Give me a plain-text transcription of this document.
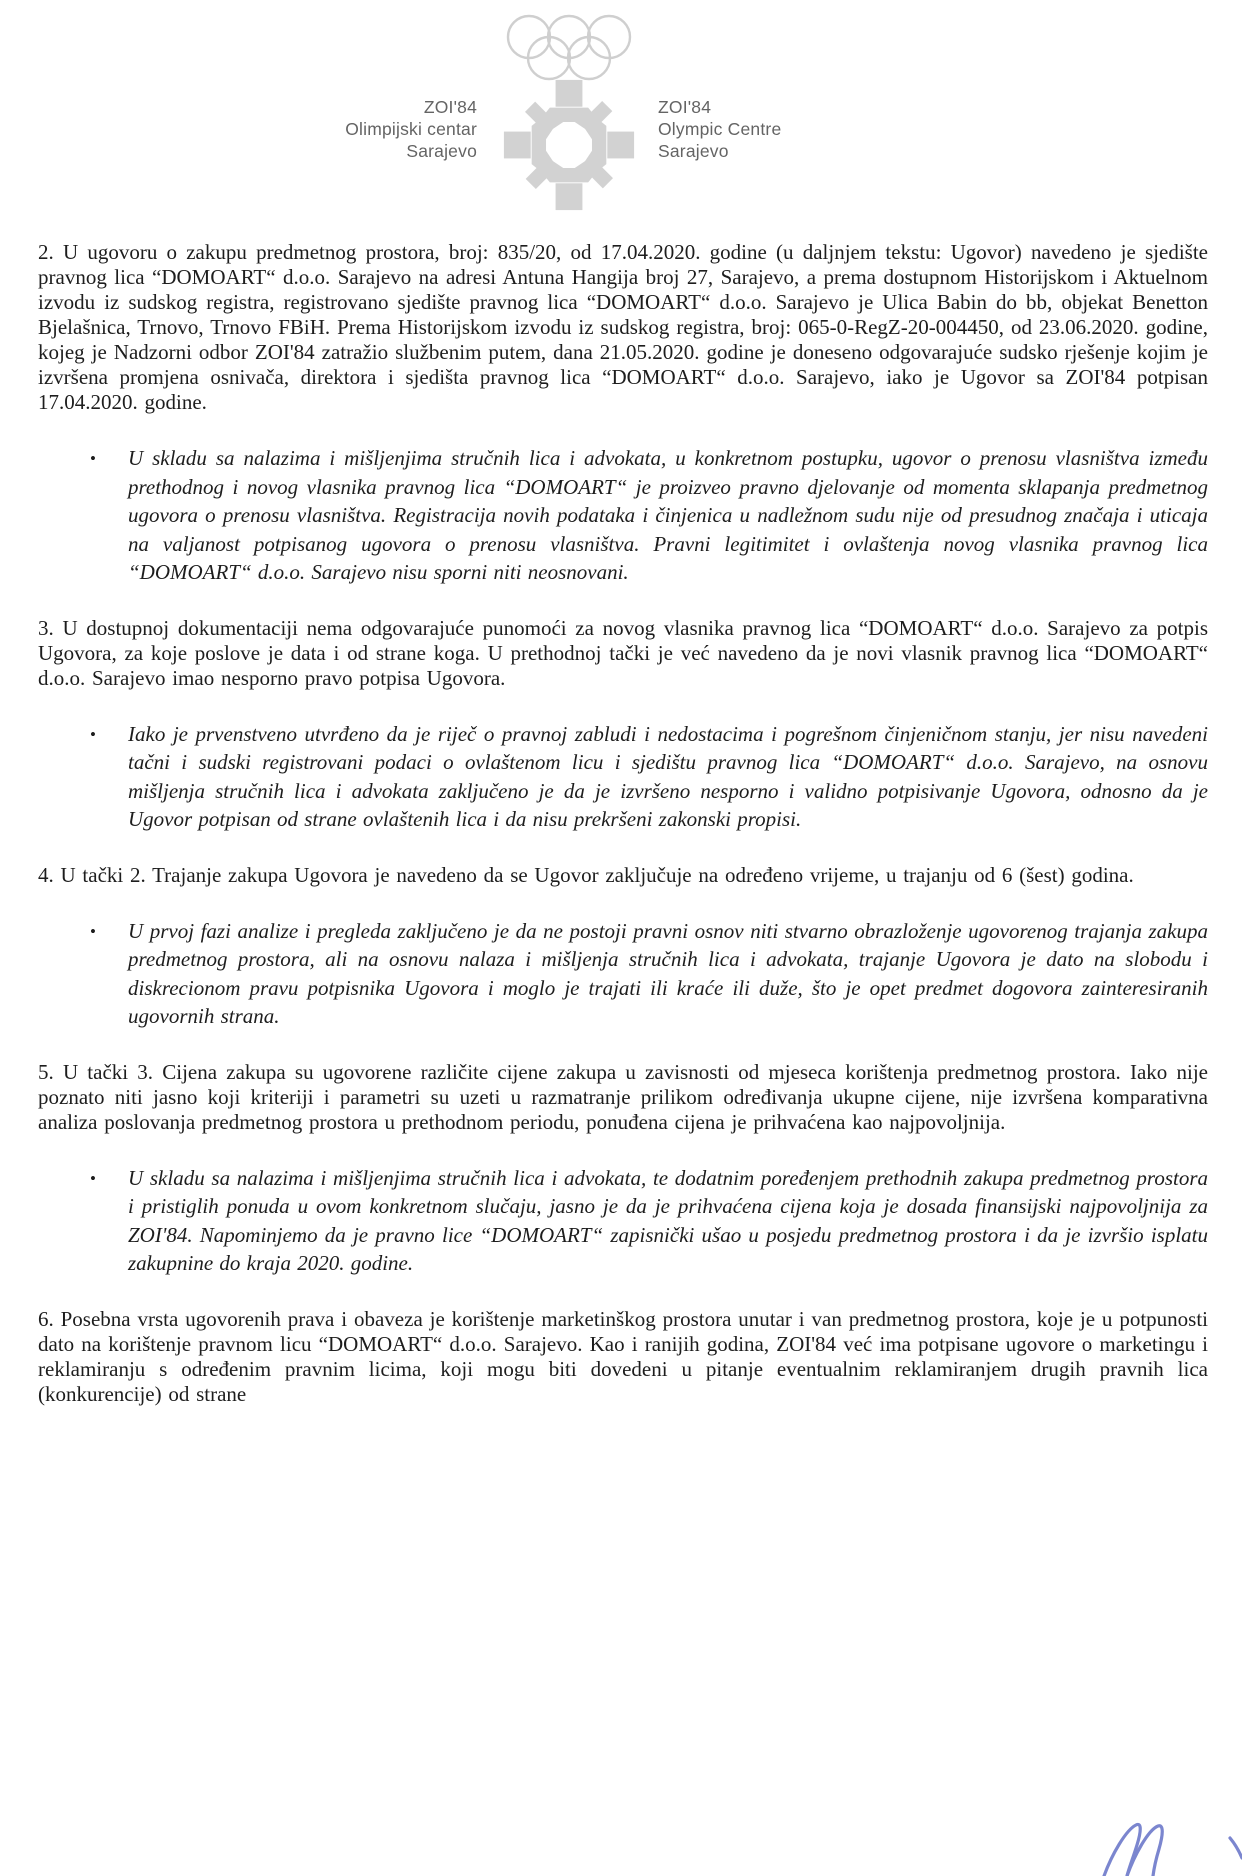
ZOI'84
Olimpijski centar
Sarajevo
ZOI'84
Olympic Centre
Sarajevo

2. U ugovoru o zakupu predmetnog prostora, broj: 835/20, od 17.04.2020. godine (u daljnjem tekstu: Ugovor) navedeno je sjedište pravnog lica “DOMOART“ d.o.o. Sarajevo na adresi Antuna Hangija broj 27, Sarajevo, a prema dostupnom Historijskom i Aktuelnom izvodu iz sudskog registra, registrovano sjedište pravnog lica “DOMOART“ d.o.o. Sarajevo je Ulica Babin do bb, objekat Benetton Bjelašnica, Trnovo, Trnovo FBiH. Prema Historijskom izvodu iz sudskog registra, broj: 065-0-RegZ-20-004450, od 23.06.2020. godine, kojeg je Nadzorni odbor ZOI'84 zatražio službenim putem, dana 21.05.2020. godine je doneseno odgovarajuće sudsko rješenje kojim je izvršena promjena osnivača, direktora i sjedišta pravnog lica “DOMOART“ d.o.o. Sarajevo, iako je Ugovor sa ZOI'84 potpisan 17.04.2020. godine.

•	U skladu sa nalazima i mišljenjima stručnih lica i advokata, u konkretnom postupku, ugovor o prenosu vlasništva između prethodnog i novog vlasnika pravnog lica “DOMOART“ je proizveo pravno djelovanje od momenta sklapanja predmetnog ugovora o prenosu vlasništva. Registracija novih podataka i činjenica u nadležnom sudu nije od presudnog značaja i uticaja na valjanost potpisanog ugovora o prenosu vlasništva. Pravni legitimitet i ovlaštenja novog vlasnika pravnog lica “DOMOART“ d.o.o. Sarajevo nisu sporni niti neosnovani.

3. U dostupnoj dokumentaciji nema odgovarajuće punomoći za novog vlasnika pravnog lica “DOMOART“ d.o.o. Sarajevo za potpis Ugovora, za koje poslove je data i od strane koga. U prethodnoj tački je već navedeno da je novi vlasnik pravnog lica “DOMOART“ d.o.o. Sarajevo imao nesporno pravo potpisa Ugovora.

•	Iako je prvenstveno utvrđeno da je riječ o pravnoj zabludi i nedostacima i pogrešnom činjeničnom stanju, jer nisu navedeni tačni i sudski registrovani podaci o ovlaštenom licu i sjedištu pravnog lica “DOMOART“ d.o.o. Sarajevo, na osnovu mišljenja stručnih lica i advokata zaključeno je da je izvršeno nesporno i validno potpisivanje Ugovora, odnosno da je Ugovor potpisan od strane ovlaštenih lica i da nisu prekršeni zakonski propisi.

4. U tački 2. Trajanje zakupa Ugovora je navedeno da se Ugovor zaključuje na određeno vrijeme, u trajanju od 6 (šest) godina.

•	U prvoj fazi analize i pregleda zaključeno je da ne postoji pravni osnov niti stvarno obrazloženje ugovorenog trajanja zakupa predmetnog prostora, ali na osnovu nalaza i mišljenja stručnih lica i advokata, trajanje Ugovora je dato na slobodu i diskrecionom pravu potpisnika Ugovora i moglo je trajati ili kraće ili duže, što je opet predmet dogovora zainteresiranih ugovornih strana.

5. U tački 3. Cijena zakupa su ugovorene različite cijene zakupa u zavisnosti od mjeseca korištenja predmetnog prostora. Iako nije poznato niti jasno koji kriteriji i parametri su uzeti u razmatranje prilikom određivanja ukupne cijene, nije izvršena komparativna analiza poslovanja predmetnog prostora u prethodnom periodu, ponuđena cijena je prihvaćena kao najpovoljnija.

•	U skladu sa nalazima i mišljenjima stručnih lica i advokata, te dodatnim poređenjem prethodnih zakupa predmetnog prostora i pristiglih ponuda u ovom konkretnom slučaju, jasno je da je prihvaćena cijena koja je dosada finansijski najpovoljnija za ZOI'84. Napominjemo da je pravno lice “DOMOART“ zapisnički ušao u posjedu predmetnog prostora i da je izvršio isplatu zakupnine do kraja 2020. godine.

6. Posebna vrsta ugovorenih prava i obaveza je korištenje marketinškog prostora unutar i van predmetnog prostora, koje je u potpunosti dato na korištenje pravnom licu “DOMOART“ d.o.o. Sarajevo. Kao i ranijih godina, ZOI'84 već ima potpisane ugovore o marketingu i reklamiranju s određenim pravnim licima, koji mogu biti dovedeni u pitanje eventualnim reklamiranjem drugih pravnih lica (konkurencije) od strane
